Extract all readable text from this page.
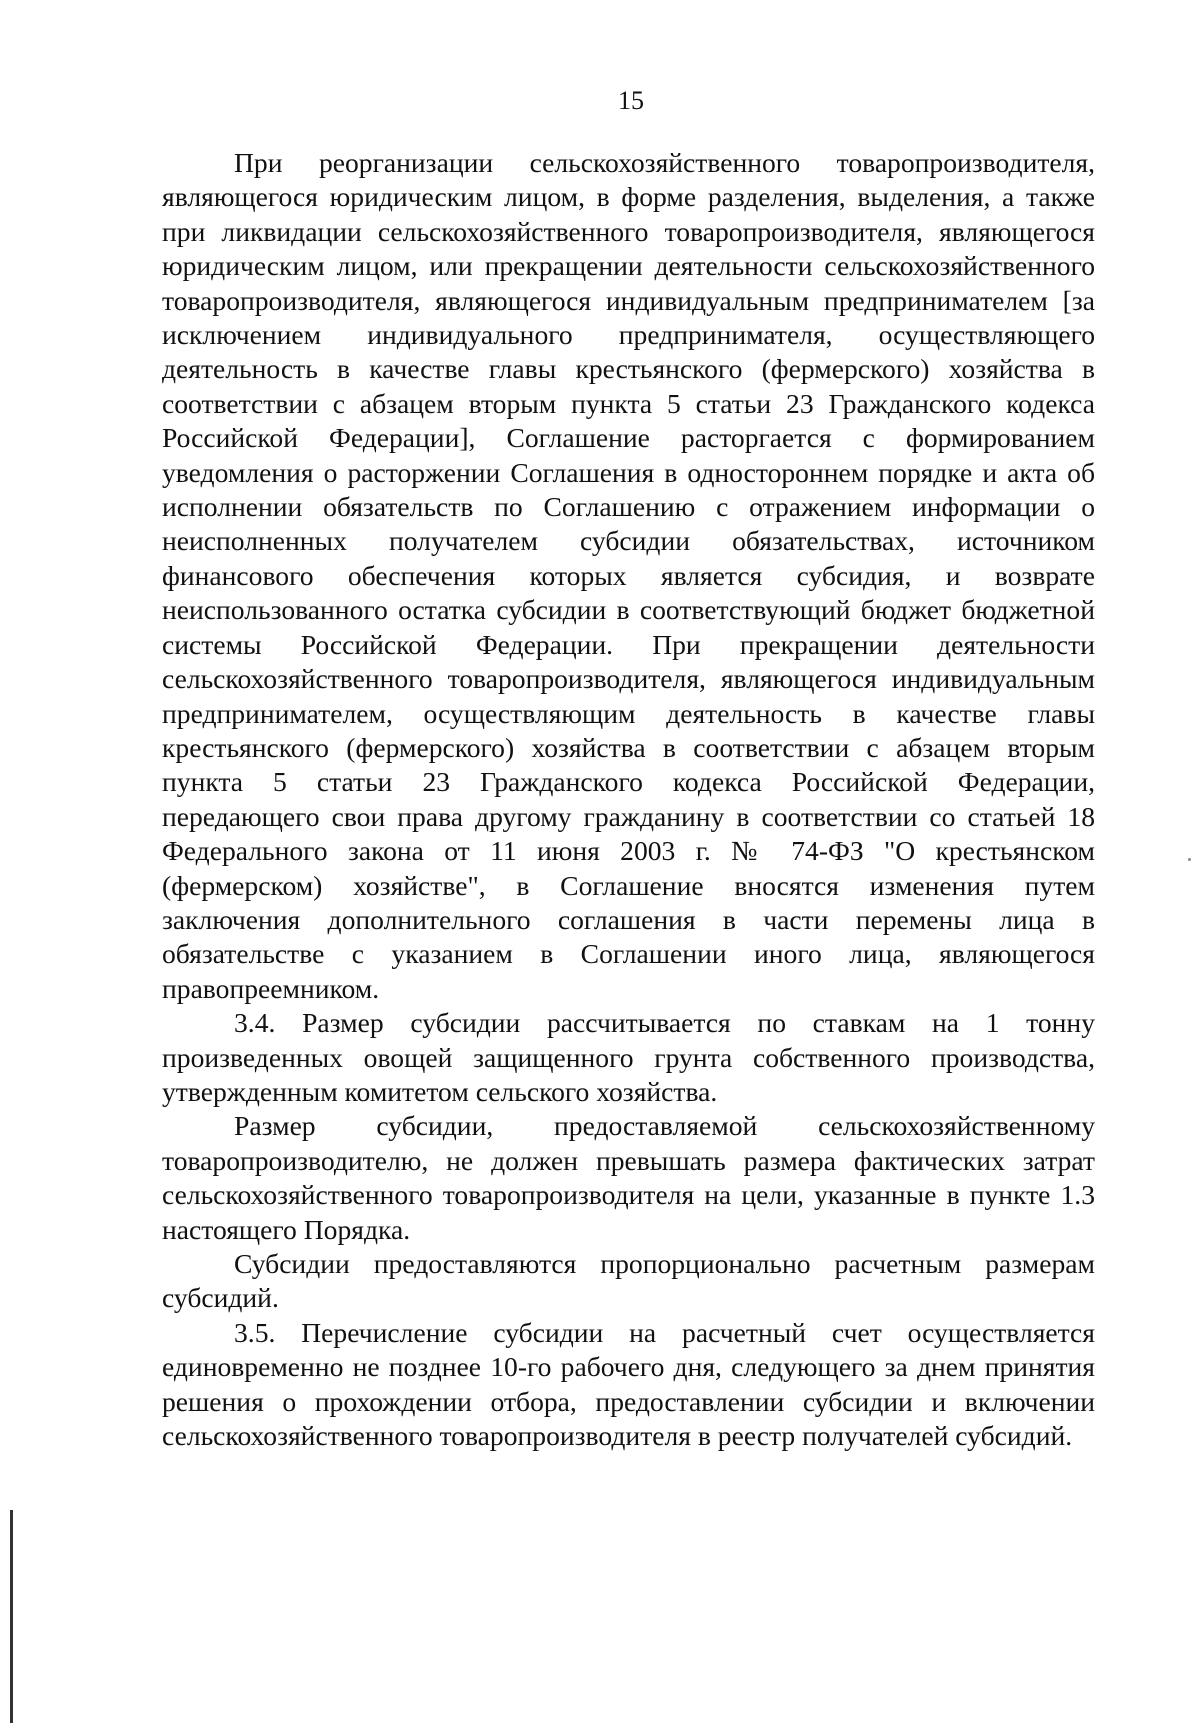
15

При реорганизации сельскохозяйственного товаропроизводителя, являющегося юридическим лицом, в форме разделения, выделения, а также при ликвидации сельскохозяйственного товаропроизводителя, являющегося юридическим лицом, или прекращении деятельности сельскохозяйственного товаропроизводителя, являющегося индивидуальным предпринимателем [за исключением индивидуального предпринимателя, осуществляющего деятельность в качестве главы крестьянского (фермерского) хозяйства в соответствии с абзацем вторым пункта 5 статьи 23 Гражданского кодекса Российской Федерации], Соглашение расторгается с формированием уведомления о расторжении Соглашения в одностороннем порядке и акта об исполнении обязательств по Соглашению с отражением информации о неисполненных получателем субсидии обязательствах, источником финансового обеспечения которых является субсидия, и возврате неиспользованного остатка субсидии в соответствующий бюджет бюджетной системы Российской Федерации. При прекращении деятельности сельскохозяйственного товаропроизводителя, являющегося индивидуальным предпринимателем, осуществляющим деятельность в качестве главы крестьянского (фермерского) хозяйства в соответствии с абзацем вторым пункта 5 статьи 23 Гражданского кодекса Российской Федерации, передающего свои права другому гражданину в соответствии со статьей 18 Федерального закона от 11 июня 2003 г. № 74-ФЗ "О крестьянском (фермерском) хозяйстве", в Соглашение вносятся изменения путем заключения дополнительного соглашения в части перемены лица в обязательстве с указанием в Соглашении иного лица, являющегося правопреемником.

3.4. Размер субсидии рассчитывается по ставкам на 1 тонну произведенных овощей защищенного грунта собственного производства, утвержденным комитетом сельского хозяйства.

Размер субсидии, предоставляемой сельскохозяйственному товаропроизводителю, не должен превышать размера фактических затрат сельскохозяйственного товаропроизводителя на цели, указанные в пункте 1.3 настоящего Порядка.

Субсидии предоставляются пропорционально расчетным размерам субсидий.

3.5. Перечисление субсидии на расчетный счет осуществляется единовременно не позднее 10-го рабочего дня, следующего за днем принятия решения о прохождении отбора, предоставлении субсидии и включении сельскохозяйственного товаропроизводителя в реестр получателей субсидий.
